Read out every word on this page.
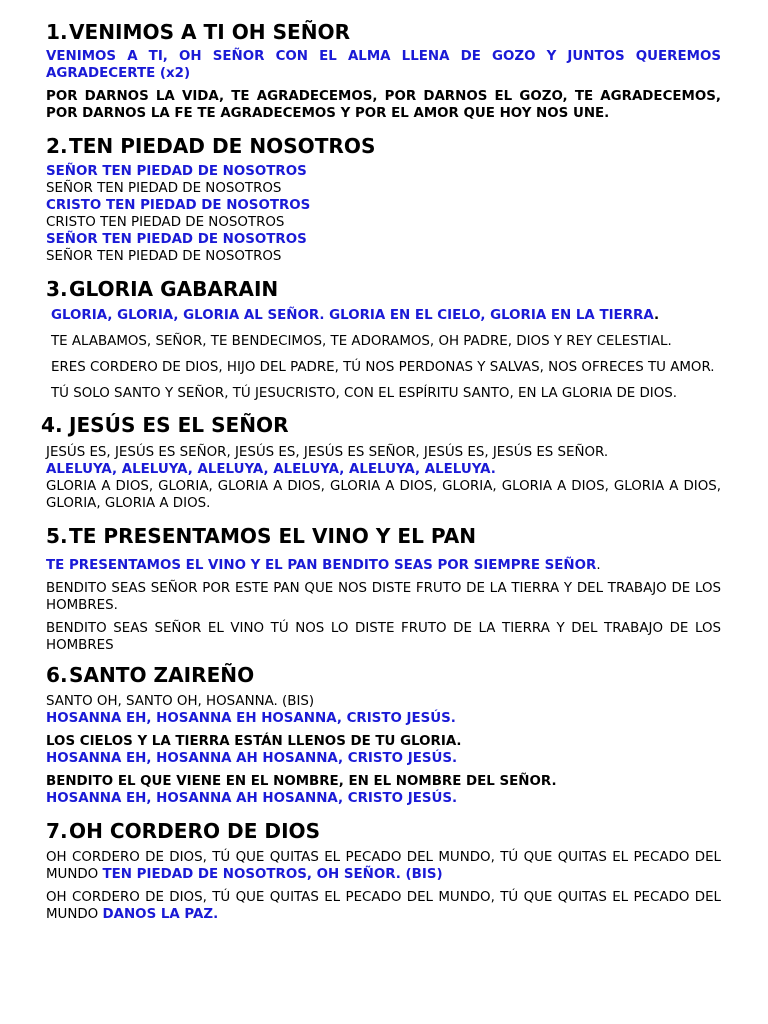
1. VENIMOS A TI OH SEÑOR

VENIMOS A TI, OH SEÑOR CON EL ALMA LLENA DE GOZO Y JUNTOS QUEREMOS AGRADECERTE (x2)

POR DARNOS LA VIDA, TE AGRADECEMOS, POR DARNOS EL GOZO, TE AGRADECEMOS, POR DARNOS LA FE TE AGRADECEMOS Y POR EL AMOR QUE HOY NOS UNE.

2. TEN PIEDAD DE NOSOTROS

SEÑOR TEN PIEDAD DE NOSOTROS

SEÑOR TEN PIEDAD DE NOSOTROS

CRISTO TEN PIEDAD DE NOSOTROS

CRISTO TEN PIEDAD DE NOSOTROS

SEÑOR TEN PIEDAD DE NOSOTROS

SEÑOR TEN PIEDAD DE NOSOTROS

3. GLORIA GABARAIN

GLORIA, GLORIA, GLORIA AL SEÑOR. GLORIA EN EL CIELO, GLORIA EN LA TIERRA.

TE ALABAMOS, SEÑOR, TE BENDECIMOS, TE ADORAMOS, OH PADRE, DIOS Y REY CELESTIAL.

ERES CORDERO DE DIOS, HIJO DEL PADRE, TÚ NOS PERDONAS Y SALVAS, NOS OFRECES TU AMOR.

TÚ SOLO SANTO Y SEÑOR, TÚ JESUCRISTO, CON EL ESPÍRITU SANTO, EN LA GLORIA DE DIOS.

4. JESÚS ES EL SEÑOR

JESÚS ES, JESÚS ES SEÑOR, JESÚS ES, JESÚS ES SEÑOR, JESÚS ES, JESÚS ES SEÑOR.

ALELUYA, ALELUYA, ALELUYA, ALELUYA, ALELUYA, ALELUYA.

GLORIA A DIOS, GLORIA, GLORIA A DIOS, GLORIA A DIOS, GLORIA, GLORIA A DIOS, GLORIA A DIOS, GLORIA, GLORIA A DIOS.

5. TE PRESENTAMOS EL VINO Y EL PAN

TE PRESENTAMOS EL VINO Y EL PAN BENDITO SEAS POR SIEMPRE SEÑOR.

BENDITO SEAS SEÑOR POR ESTE PAN QUE NOS DISTE FRUTO DE LA TIERRA Y DEL TRABAJO DE LOS HOMBRES.

BENDITO SEAS SEÑOR EL VINO TÚ NOS LO DISTE FRUTO DE LA TIERRA Y DEL TRABAJO DE LOS HOMBRES

6. SANTO ZAIREÑO

SANTO OH, SANTO OH, HOSANNA. (BIS)

HOSANNA EH, HOSANNA EH HOSANNA, CRISTO JESÚS.

LOS CIELOS Y LA TIERRA ESTÁN LLENOS DE TU GLORIA.

HOSANNA EH, HOSANNA AH HOSANNA, CRISTO JESÚS.

BENDITO EL QUE VIENE EN EL NOMBRE, EN EL NOMBRE DEL SEÑOR.

HOSANNA EH, HOSANNA AH HOSANNA, CRISTO JESÚS.

7. OH CORDERO DE DIOS

OH CORDERO DE DIOS, TÚ QUE QUITAS EL PECADO DEL MUNDO, TÚ QUE QUITAS EL PECADO DEL MUNDO TEN PIEDAD DE NOSOTROS, OH SEÑOR. (BIS)

OH CORDERO DE DIOS, TÚ QUE QUITAS EL PECADO DEL MUNDO, TÚ QUE QUITAS EL PECADO DEL MUNDO DANOS LA PAZ.
